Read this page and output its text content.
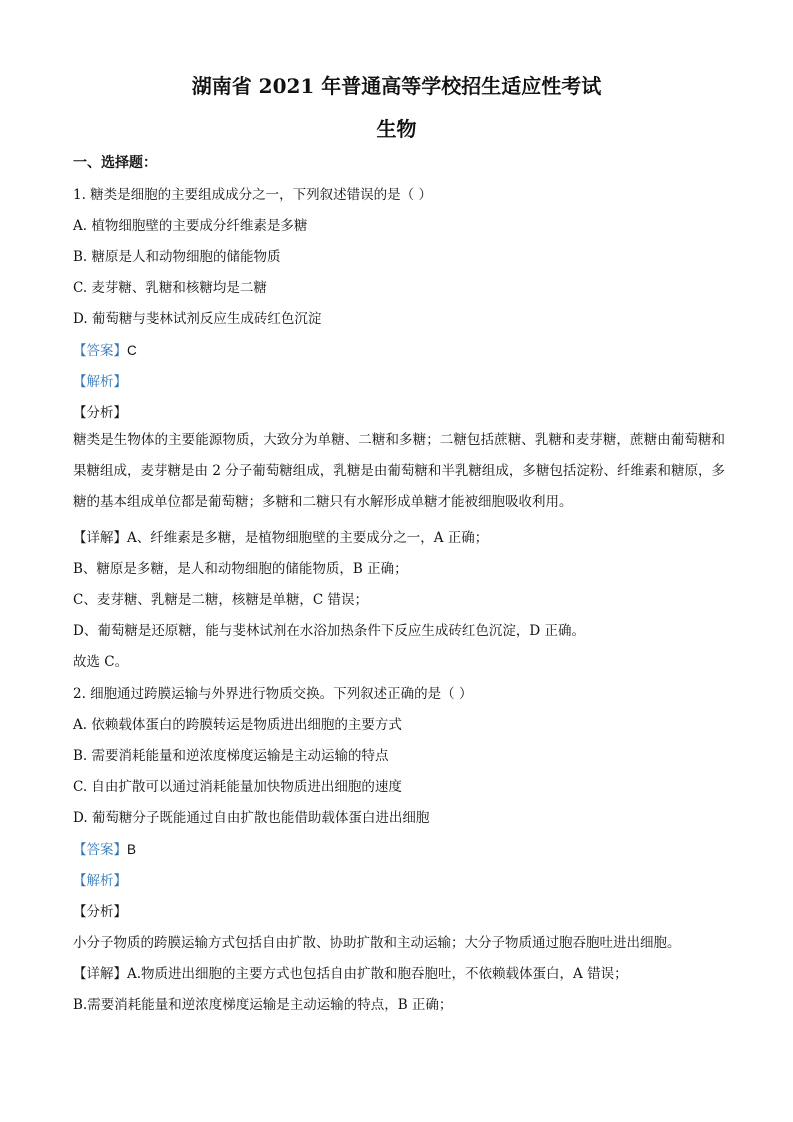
湖南省 2021 年普通高等学校招生适应性考试
生物
一、选择题：
1. 糖类是细胞的主要组成成分之一，下列叙述错误的是（ ）
A. 植物细胞壁的主要成分纤维素是多糖
B. 糖原是人和动物细胞的储能物质
C. 麦芽糖、乳糖和核糖均是二糖
D. 葡萄糖与斐林试剂反应生成砖红色沉淀
【答案】C
【解析】
【分析】
糖类是生物体的主要能源物质，大致分为单糖、二糖和多糖；二糖包括蔗糖、乳糖和麦芽糖，蔗糖由葡萄糖和果糖组成，麦芽糖是由 2 分子葡萄糖组成，乳糖是由葡萄糖和半乳糖组成，多糖包括淀粉、纤维素和糖原，多糖的基本组成单位都是葡萄糖；多糖和二糖只有水解形成单糖才能被细胞吸收利用。
【详解】A、纤维素是多糖，是植物细胞壁的主要成分之一，A 正确；
B、糖原是多糖，是人和动物细胞的储能物质，B 正确；
C、麦芽糖、乳糖是二糖，核糖是单糖，C 错误；
D、葡萄糖是还原糖，能与斐林试剂在水浴加热条件下反应生成砖红色沉淀，D 正确。
故选 C。
2. 细胞通过跨膜运输与外界进行物质交换。下列叙述正确的是（ ）
A. 依赖载体蛋白的跨膜转运是物质进出细胞的主要方式
B. 需要消耗能量和逆浓度梯度运输是主动运输的特点
C. 自由扩散可以通过消耗能量加快物质进出细胞的速度
D. 葡萄糖分子既能通过自由扩散也能借助载体蛋白进出细胞
【答案】B
【解析】
【分析】
小分子物质的跨膜运输方式包括自由扩散、协助扩散和主动运输；大分子物质通过胞吞胞吐进出细胞。
【详解】A.物质进出细胞的主要方式也包括自由扩散和胞吞胞吐，不依赖载体蛋白，A 错误；
B.需要消耗能量和逆浓度梯度运输是主动运输的特点，B 正确；
